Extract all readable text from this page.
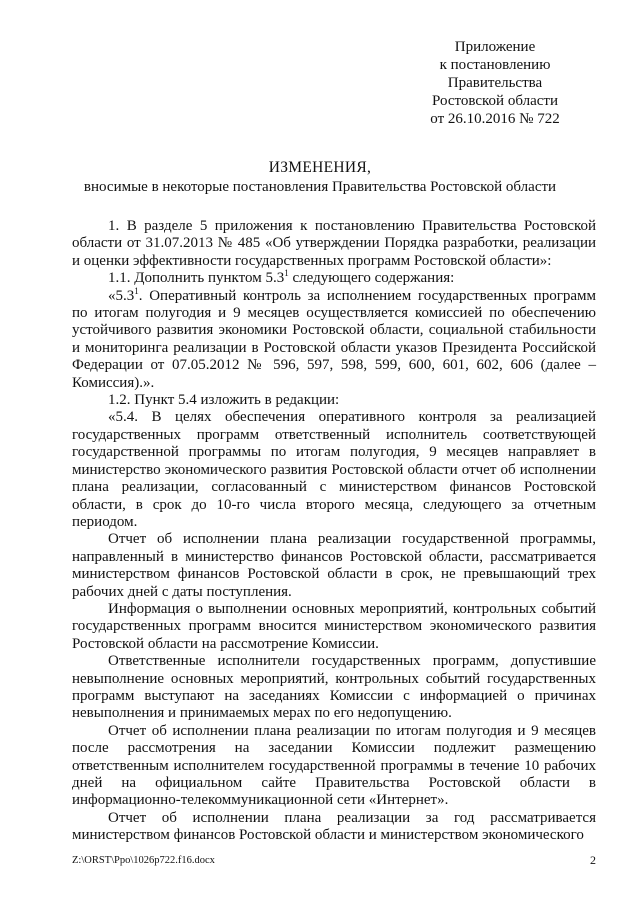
Приложение
к постановлению
Правительства
Ростовской области
от 26.10.2016 № 722
ИЗМЕНЕНИЯ,
вносимые в некоторые постановления Правительства Ростовской области

1. В разделе 5 приложения к постановлению Правительства Ростовской области от 31.07.2013 № 485 «Об утверждении Порядка разработки, реализации и оценки эффективности государственных программ Ростовской области»:

1.1. Дополнить пунктом $5.3^1$ следующего содержания:

«$5.3^1$. Оперативный контроль за исполнением государственных программ по итогам полугодия и 9 месяцев осуществляется комиссией по обеспечению устойчивого развития экономики Ростовской области, социальной стабильности и мониторинга реализации в Ростовской области указов Президента Российской Федерации от 07.05.2012 № 596, 597, 598, 599, 600, 601, 602, 606 (далее – Комиссия).».

1.2. Пункт 5.4 изложить в редакции:

«5.4. В целях обеспечения оперативного контроля за реализацией государственных программ ответственный исполнитель соответствующей государственной программы по итогам полугодия, 9 месяцев направляет в министерство экономического развития Ростовской области отчет об исполнении плана реализации, согласованный с министерством финансов Ростовской области, в срок до 10-го числа второго месяца, следующего за отчетным периодом.

Отчет об исполнении плана реализации государственной программы, направленный в министерство финансов Ростовской области, рассматривается министерством финансов Ростовской области в срок, не превышающий трех рабочих дней с даты поступления.

Информация о выполнении основных мероприятий, контрольных событий государственных программ вносится министерством экономического развития Ростовской области на рассмотрение Комиссии.

Ответственные исполнители государственных программ, допустившие невыполнение основных мероприятий, контрольных событий государственных программ выступают на заседаниях Комиссии с информацией о причинах невыполнения и принимаемых мерах по его недопущению.

Отчет об исполнении плана реализации по итогам полугодия и 9 месяцев после рассмотрения на заседании Комиссии подлежит размещению ответственным исполнителем государственной программы в течение 10 рабочих дней на официальном сайте Правительства Ростовской области в информационно-телекоммуникационной сети «Интернет».

Отчет об исполнении плана реализации за год рассматривается министерством финансов Ростовской области и министерством экономического

Z:\ORST\Ppo\1026p722.f16.docx	2
